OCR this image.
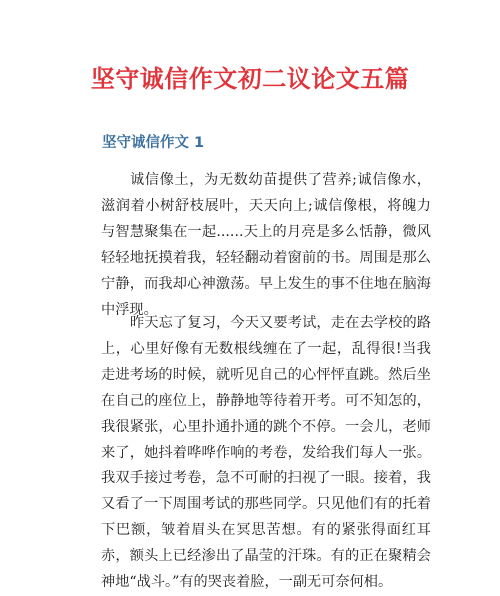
坚守诚信作文初二议论文五篇
坚守诚信作文 1

诚信像土，为无数幼苗提供了营养;诚信像水，滋润着小树舒枝展叶，天天向上;诚信像根，将魄力与智慧聚集在一起......天上的月亮是多么恬静，微风轻轻地抚摸着我，轻轻翻动着窗前的书。周围是那么宁静，而我却心神激荡。早上发生的事不住地在脑海中浮现。

昨天忘了复习，今天又要考试，走在去学校的路上，心里好像有无数根线缠在了一起，乱得很!当我走进考场的时候，就听见自己的心怦怦直跳。然后坐在自己的座位上，静静地等待着开考。可不知怎的，我很紧张，心里扑通扑通的跳个不停。一会儿，老师来了，她抖着哗哗作响的考卷，发给我们每人一张。我双手接过考卷，急不可耐的扫视了一眼。接着，我又看了一下周围考试的那些同学。只见他们有的托着下巴额，皱着眉头在冥思苦想。有的紧张得面红耳赤，额头上已经渗出了晶莹的汗珠。有的正在聚精会神地“战斗。”有的哭丧着脸，一副无可奈何相。
